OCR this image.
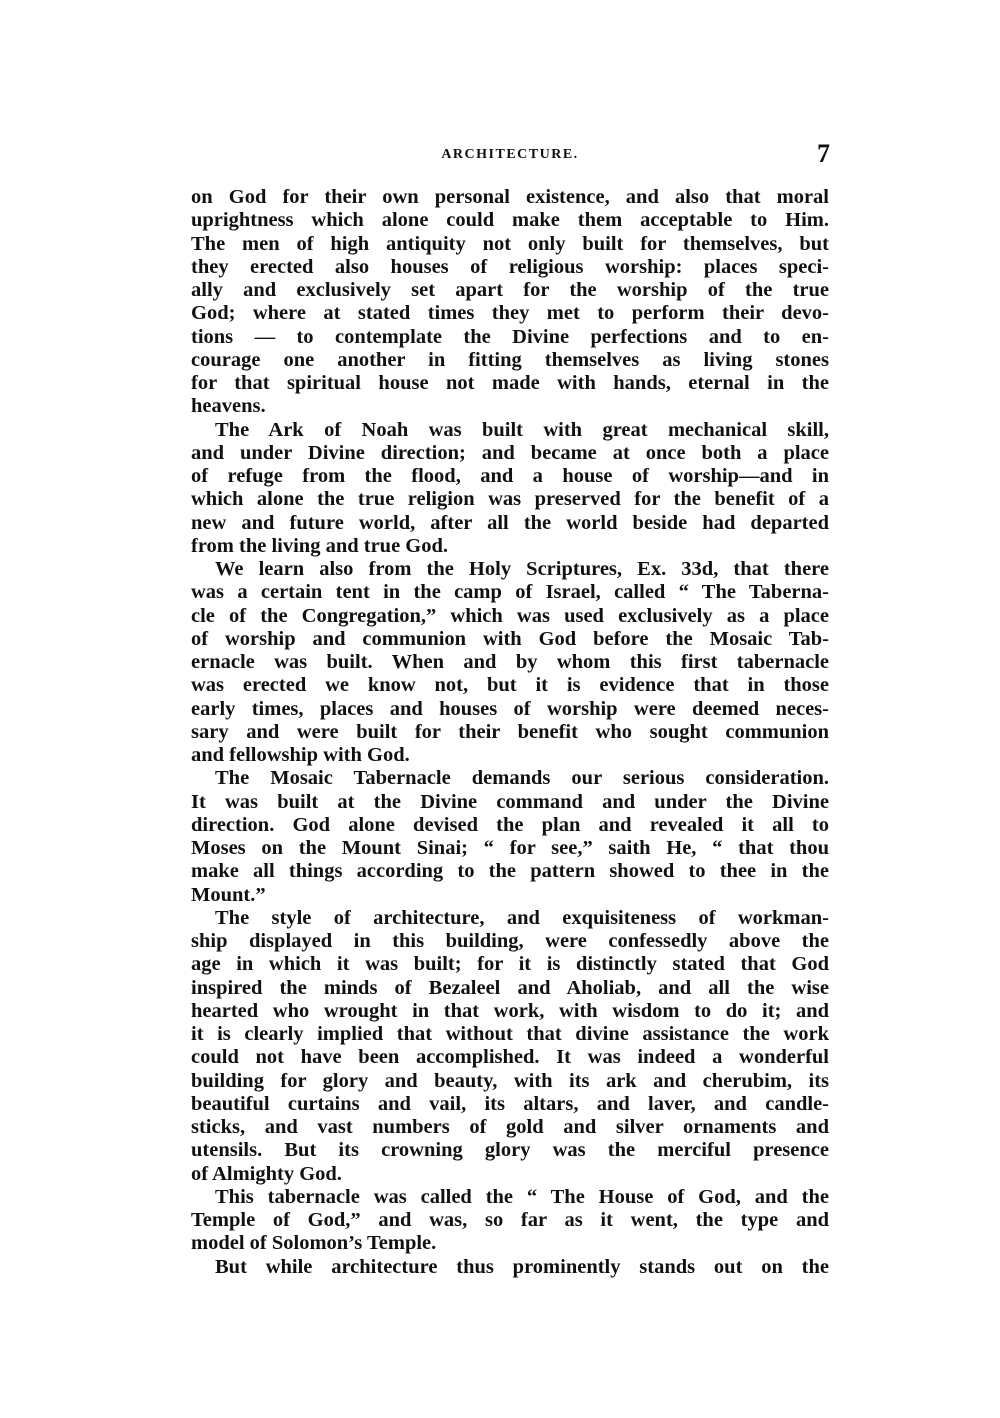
ARCHITECTURE.	7
on God for their own personal existence, and also that moral
uprightness which alone could make them acceptable to Him.
The men of high antiquity not only built for themselves, but
they erected also houses of religious worship: places speci-
ally and exclusively set apart for the worship of the true
God; where at stated times they met to perform their devo-
tions — to contemplate the Divine perfections and to en-
courage one another in fitting themselves as living stones
for that spiritual house not made with hands, eternal in the
heavens.
The Ark of Noah was built with great mechanical skill,
and under Divine direction; and became at once both a place
of refuge from the flood, and a house of worship—and in
which alone the true religion was preserved for the benefit of a
new and future world, after all the world beside had departed
from the living and true God.
We learn also from the Holy Scriptures, Ex. 33d, that there
was a certain tent in the camp of Israel, called “ The Taberna-
cle of the Congregation,” which was used exclusively as a place
of worship and communion with God before the Mosaic Tab-
ernacle was built. When and by whom this first tabernacle
was erected we know not, but it is evidence that in those
early times, places and houses of worship were deemed neces-
sary and were built for their benefit who sought communion
and fellowship with God.
The Mosaic Tabernacle demands our serious consideration.
It was built at the Divine command and under the Divine
direction. God alone devised the plan and revealed it all to
Moses on the Mount Sinai; “ for see,” saith He, “ that thou
make all things according to the pattern showed to thee in the
Mount.”
The style of architecture, and exquisiteness of workman-
ship displayed in this building, were confessedly above the
age in which it was built; for it is distinctly stated that God
inspired the minds of Bezaleel and Aholiab, and all the wise
hearted who wrought in that work, with wisdom to do it; and
it is clearly implied that without that divine assistance the work
could not have been accomplished. It was indeed a wonderful
building for glory and beauty, with its ark and cherubim, its
beautiful curtains and vail, its altars, and laver, and candle-
sticks, and vast numbers of gold and silver ornaments and
utensils. But its crowning glory was the merciful presence
of Almighty God.
This tabernacle was called the “ The House of God, and the
Temple of God,” and was, so far as it went, the type and
model of Solomon’s Temple.
But while architecture thus prominently stands out on the
